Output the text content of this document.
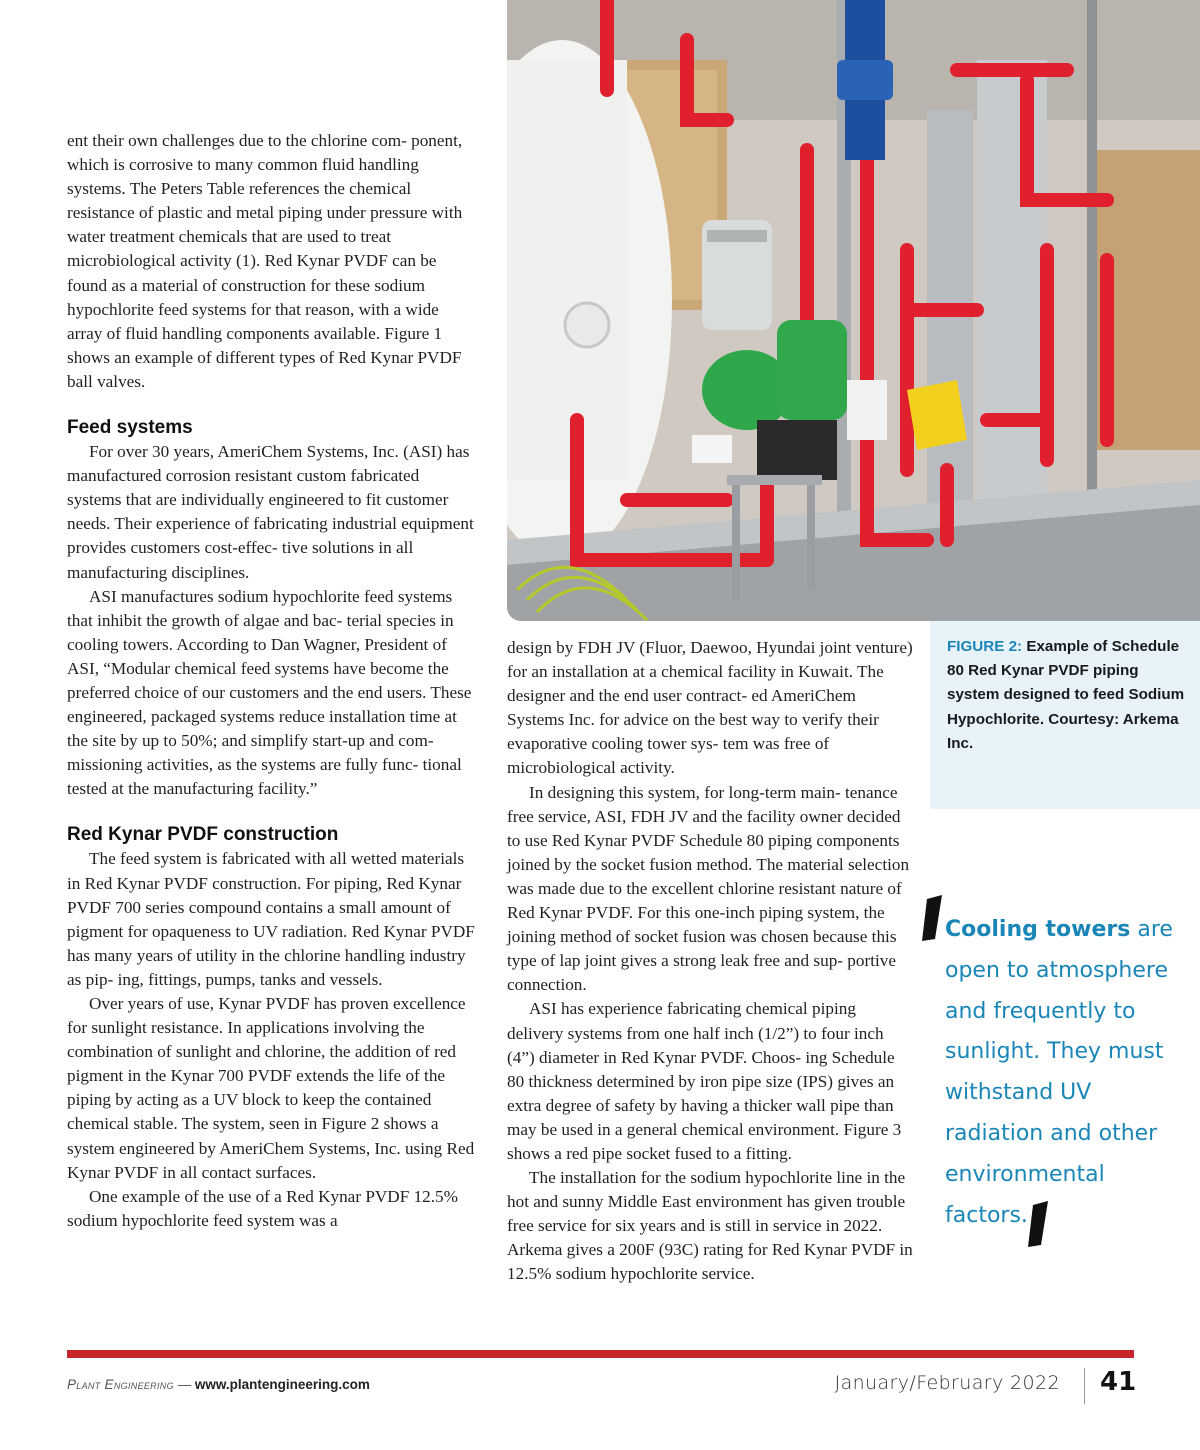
ent their own challenges due to the chlorine com- ponent, which is corrosive to many common fluid handling systems. The Peters Table references the chemical resistance of plastic and metal piping under pressure with water treatment chemicals that are used to treat microbiological activity (1). Red Kynar PVDF can be found as a material of construction for these sodium hypochlorite feed systems for that reason, with a wide array of fluid handling components available. Figure 1 shows an example of different types of Red Kynar PVDF ball valves.

Feed systems

For over 30 years, AmeriChem Systems, Inc. (ASI) has manufactured corrosion resistant custom fabricated systems that are individually engineered to fit customer needs. Their experience of fabricating industrial equipment provides customers cost-effec- tive solutions in all manufacturing disciplines.

ASI manufactures sodium hypochlorite feed systems that inhibit the growth of algae and bac- terial species in cooling towers. According to Dan Wagner, President of ASI, “Modular chemical feed systems have become the preferred choice of our customers and the end users. These engineered, packaged systems reduce installation time at the site by up to 50%; and simplify start-up and com- missioning activities, as the systems are fully func- tional tested at the manufacturing facility.”

Red Kynar PVDF construction

The feed system is fabricated with all wetted materials in Red Kynar PVDF construction. For piping, Red Kynar PVDF 700 series compound contains a small amount of pigment for opaqueness to UV radiation. Red Kynar PVDF has many years of utility in the chlorine handling industry as pip- ing, fittings, pumps, tanks and vessels.

Over years of use, Kynar PVDF has proven excellence for sunlight resistance. In applications involving the combination of sunlight and chlorine, the addition of red pigment in the Kynar 700 PVDF extends the life of the piping by acting as a UV block to keep the contained chemical stable. The system, seen in Figure 2 shows a system engineered by AmeriChem Systems, Inc. using Red Kynar PVDF in all contact surfaces.

One example of the use of a Red Kynar PVDF 12.5% sodium hypochlorite feed system was a

design by FDH JV (Fluor, Daewoo, Hyundai joint venture) for an installation at a chemical facility in Kuwait. The designer and the end user contract- ed AmeriChem Systems Inc. for advice on the best way to verify their evaporative cooling tower sys- tem was free of microbiological activity.

In designing this system, for long-term main- tenance free service, ASI, FDH JV and the facility owner decided to use Red Kynar PVDF Schedule 80 piping components joined by the socket fusion method. The material selection was made due to the excellent chlorine resistant nature of Red Kynar PVDF. For this one-inch piping system, the joining method of socket fusion was chosen because this type of lap joint gives a strong leak free and sup- portive connection.

ASI has experience fabricating chemical piping delivery systems from one half inch (1/2”) to four inch (4”) diameter in Red Kynar PVDF. Choos- ing Schedule 80 thickness determined by iron pipe size (IPS) gives an extra degree of safety by having a thicker wall pipe than may be used in a general chemical environment. Figure 3 shows a red pipe socket fused to a fitting.

The installation for the sodium hypochlorite line in the hot and sunny Middle East environment has given trouble free service for six years and is still in service in 2022. Arkema gives a 200F (93C) rating for Red Kynar PVDF in 12.5% sodium hypochlorite service.

FIGURE 2: Example of Schedule 80 Red Kynar PVDF piping system designed to feed Sodium Hypochlorite. Courtesy: Arkema Inc.
Cooling towers are open to atmosphere and frequently to sunlight. They must withstand UV radiation and other environmental factors.
Plant Engineering — www.plantengineering.com	January/February 2022 41
